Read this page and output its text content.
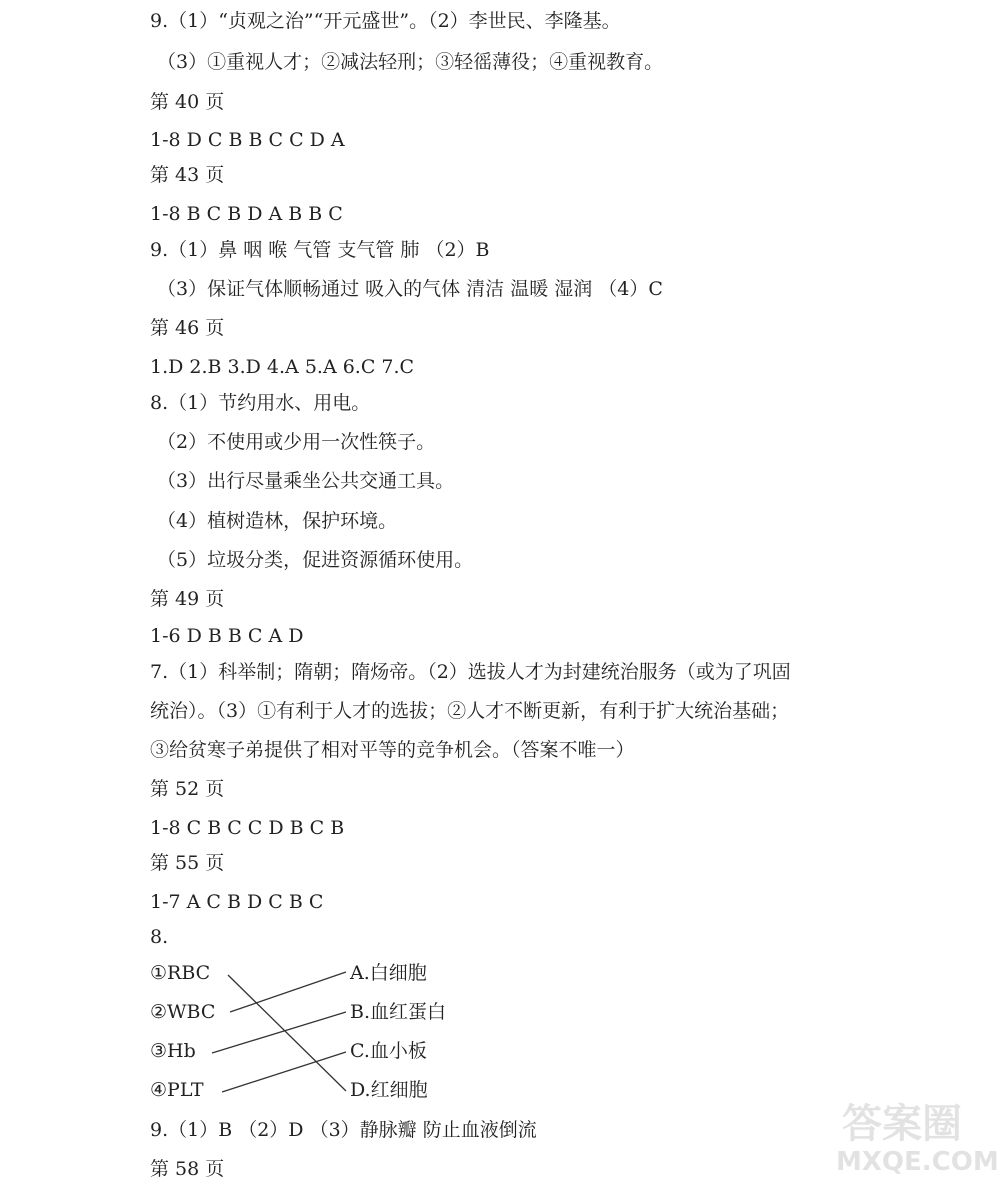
9.（1）“贞观之治”“开元盛世”。（2）李世民、李隆基。
（3）①重视人才；②减法轻刑；③轻徭薄役；④重视教育。
第 40 页
1-8 D C B B C C D A
第 43 页
1-8 B C B D A B B C
9.（1）鼻 咽 喉 气管 支气管 肺 （2）B
（3）保证气体顺畅通过 吸入的气体 清洁 温暖 湿润 （4）C
第 46 页
1.D 2.B 3.D 4.A 5.A 6.C 7.C
8.（1）节约用水、用电。
（2）不使用或少用一次性筷子。
（3）出行尽量乘坐公共交通工具。
（4）植树造林，保护环境。
（5）垃圾分类，促进资源循环使用。
第 49 页
1-6 D B B C A D
7.（1）科举制；隋朝；隋炀帝。（2）选拔人才为封建统治服务（或为了巩固
统治）。（3）①有利于人才的选拔；②人才不断更新，有利于扩大统治基础；
③给贫寒子弟提供了相对平等的竞争机会。（答案不唯一）
第 52 页
1-8 C B C C D B C B
第 55 页
1-7 A C B D C B C
8.
①RBC
②WBC
③Hb
④PLT
A.白细胞
B.血红蛋白
C.血小板
D.红细胞
9.（1）B （2）D （3）静脉瓣 防止血液倒流
第 58 页
答案圈
MXQE.COM
